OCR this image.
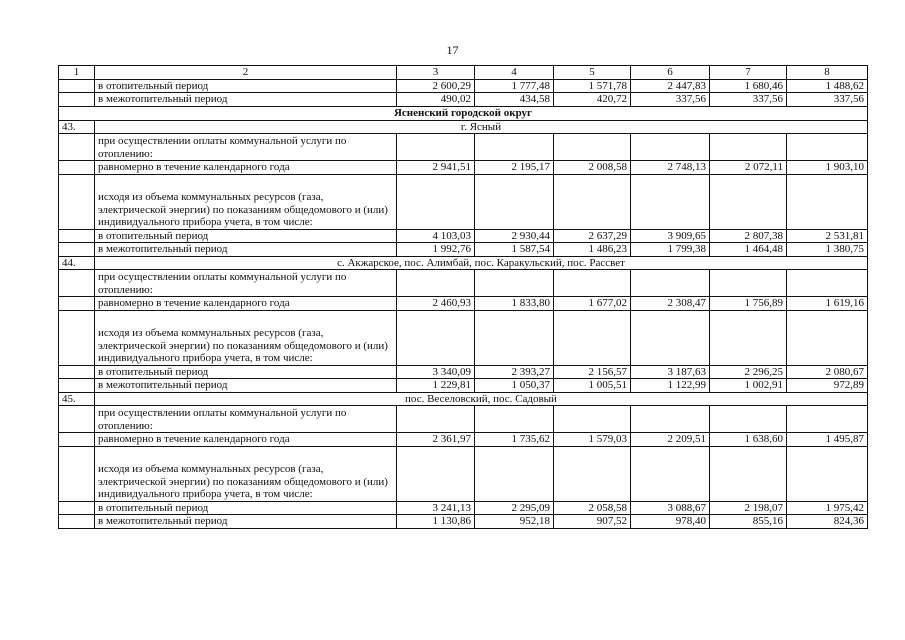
17
1	2	3	4	5	6	7	8
	в отопительный период	2 600,29	1 777,48	1 571,78	2 447,83	1 680,46	1 488,62
	в межотопительный период	490,02	434,58	420,72	337,56	337,56	337,56
Ясненский городской округ							
43.	г. Ясный						
	при осуществлении оплаты коммунальной услуги по отоплению:						
	равномерно в течение календарного года	2 941,51	2 195,17	2 008,58	2 748,13	2 072,11	1 903,10
	исходя из объема коммунальных ресурсов (газа, электрической энергии) по показаниям общедомового и (или) индивидуального прибора учета, в том числе:						
	в отопительный период	4 103,03	2 930,44	2 637,29	3 909,65	2 807,38	2 531,81
	в межотопительный период	1 992,76	1 587,54	1 486,23	1 799,38	1 464,48	1 380,75
44.	с. Акжарское, пос. Алимбай, пос. Каракульский, пос. Рассвет						
	при осуществлении оплаты коммунальной услуги по отоплению:						
	равномерно в течение календарного года	2 460,93	1 833,80	1 677,02	2 308,47	1 756,89	1 619,16
	исходя из объема коммунальных ресурсов (газа, электрической энергии) по показаниям общедомового и (или) индивидуального прибора учета, в том числе:						
	в отопительный период	3 340,09	2 393,27	2 156,57	3 187,63	2 296,25	2 080,67
	в межотопительный период	1 229,81	1 050,37	1 005,51	1 122,99	1 002,91	972,89
45.	пос. Веселовский, пос. Садовый						
	при осуществлении оплаты коммунальной услуги по отоплению:						
	равномерно в течение календарного года	2 361,97	1 735,62	1 579,03	2 209,51	1 638,60	1 495,87
	исходя из объема коммунальных ресурсов (газа, электрической энергии) по показаниям общедомового и (или) индивидуального прибора учета, в том числе:						
	в отопительный период	3 241,13	2 295,09	2 058,58	3 088,67	2 198,07	1 975,42
	в межотопительный период	1 130,86	952,18	907,52	978,40	855,16	824,36
